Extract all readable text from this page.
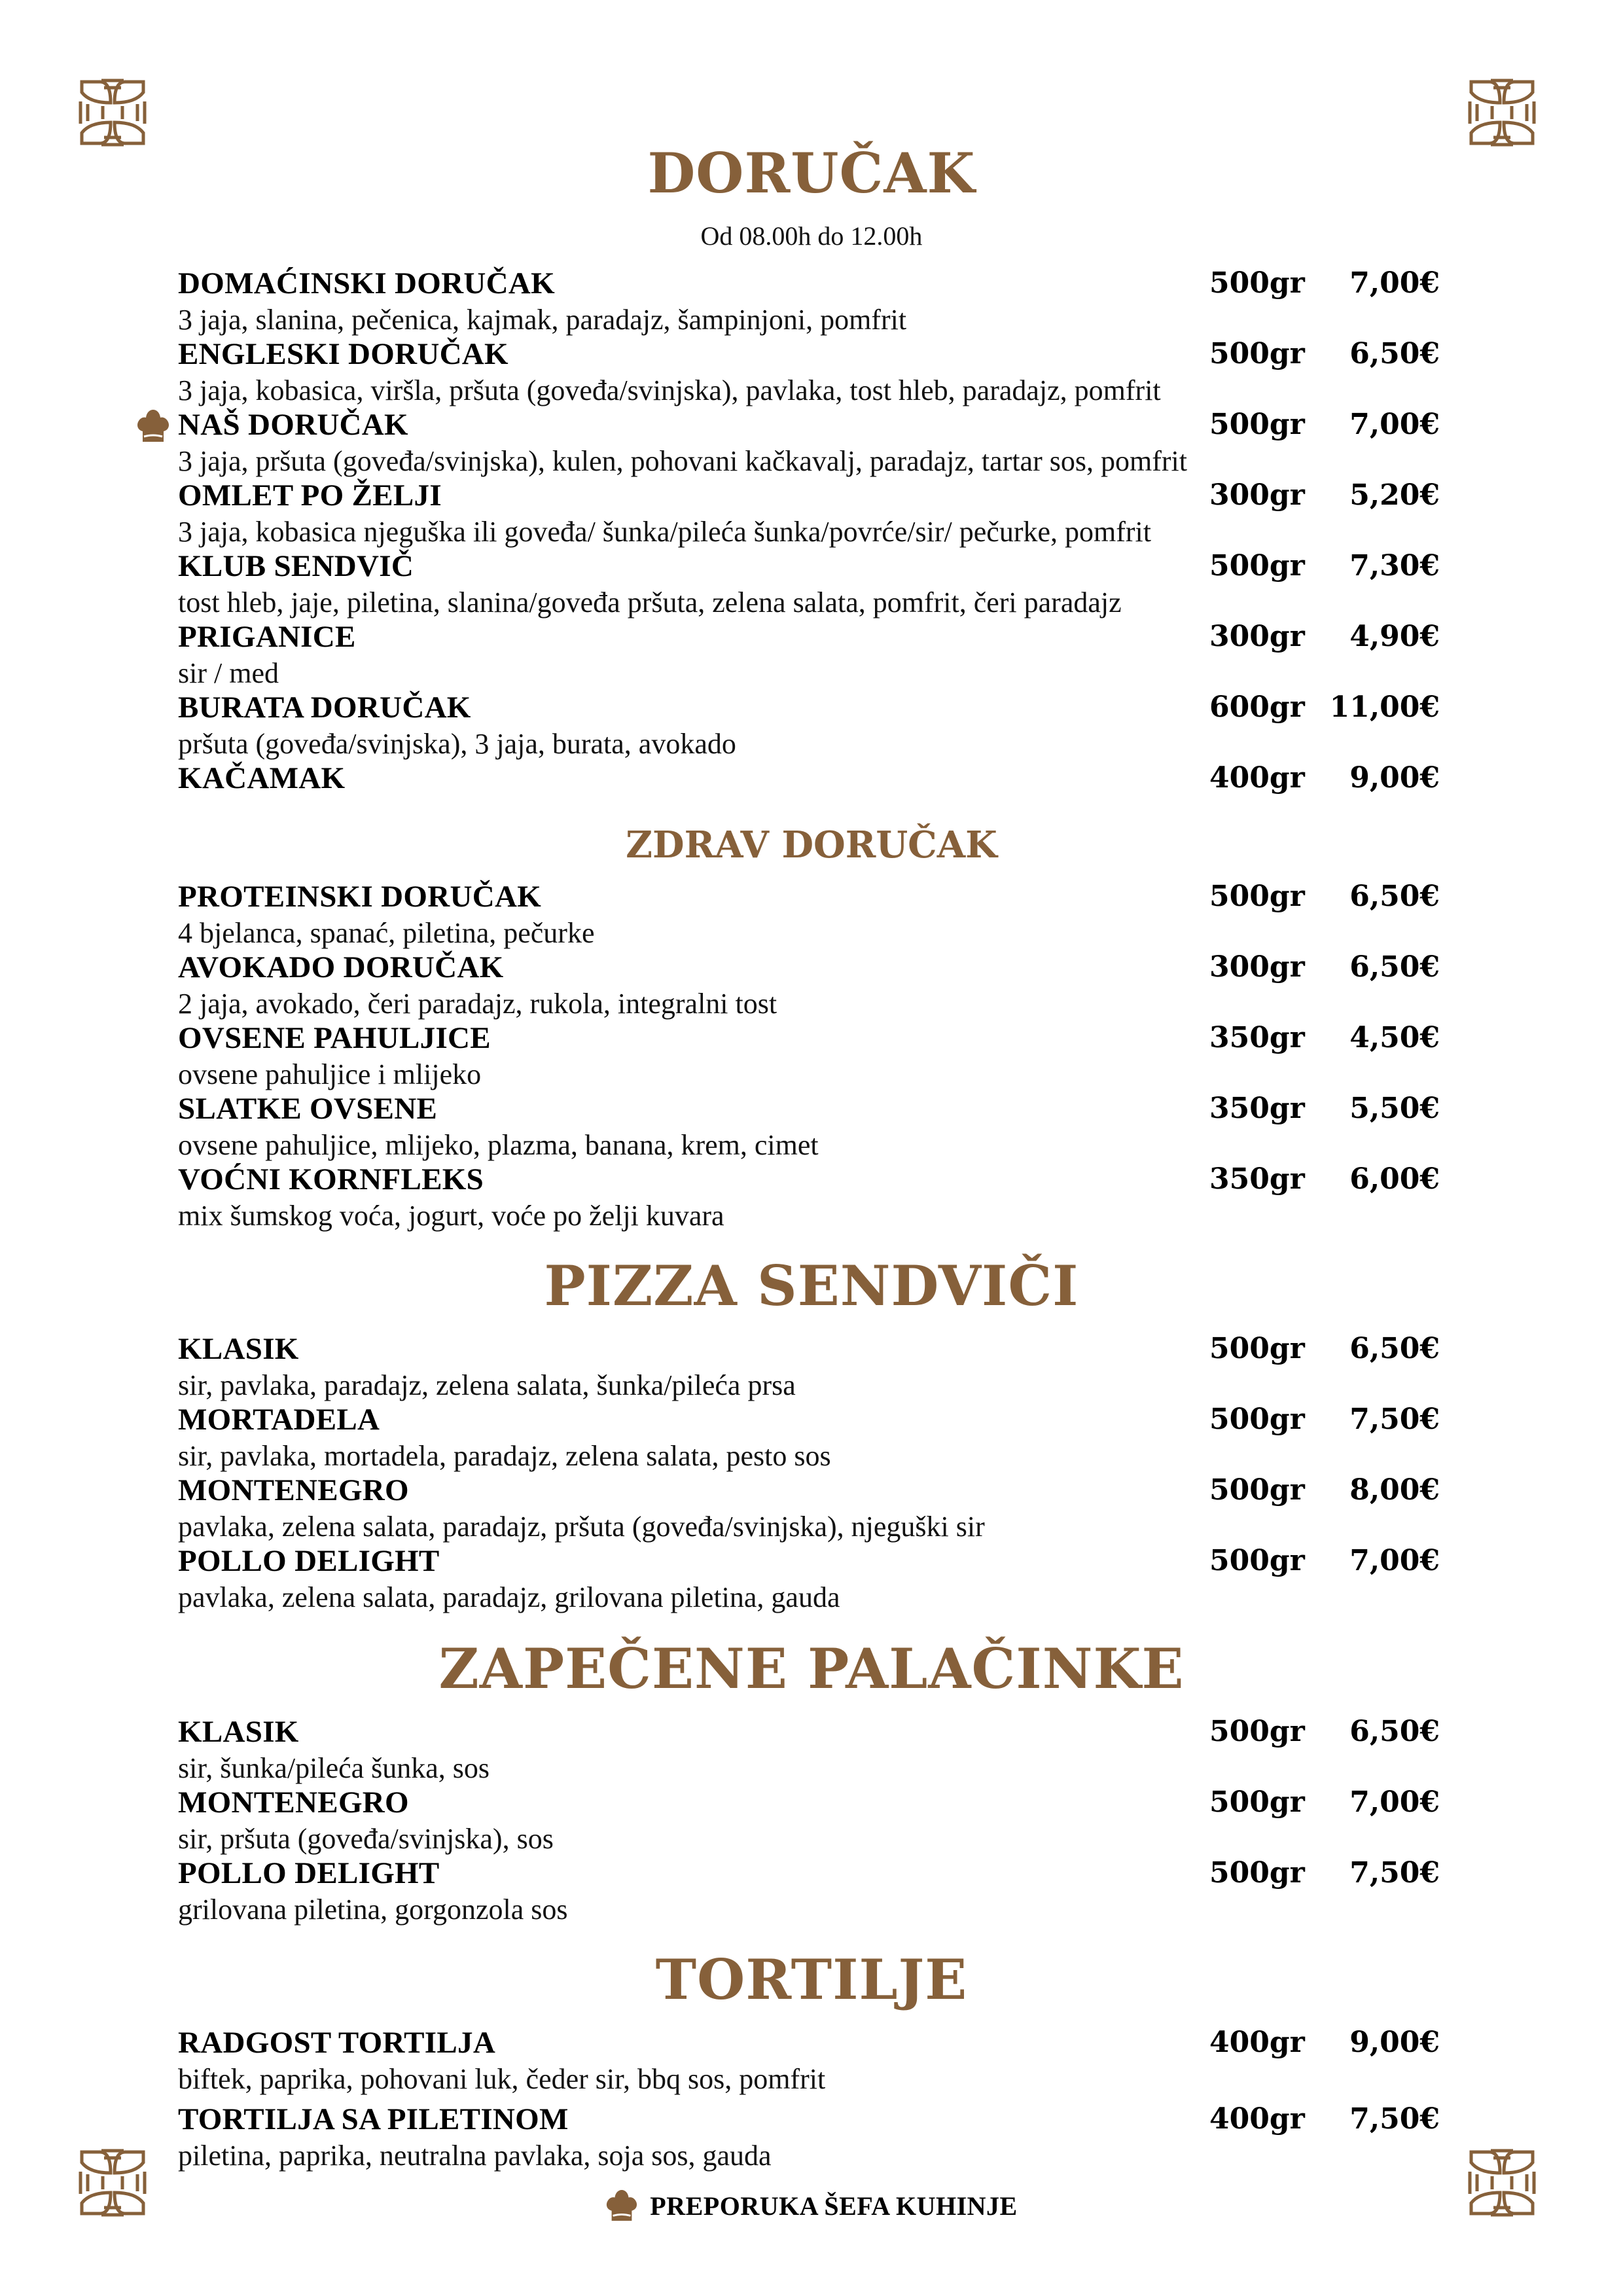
DORUČAK
Od 08.00h do 12.00h
DOMAĆINSKI DORUČAK
3 jaja, slanina, pečenica, kajmak, paradajz, šampinjoni, pomfrit
500gr 7,00€
ENGLESKI DORUČAK
3 jaja, kobasica, viršla, pršuta (goveđa/svinjska), pavlaka, tost hleb, paradajz, pomfrit
500gr 6,50€
NAŠ DORUČAK
3 jaja, pršuta (goveđa/svinjska), kulen, pohovani kačkavalj, paradajz, tartar sos, pomfrit
500gr 7,00€
OMLET PO ŽELJI
3 jaja, kobasica njeguška ili goveđa/ šunka/pileća šunka/povrće/sir/ pečurke, pomfrit
300gr 5,20€
KLUB SENDVIČ
tost hleb, jaje, piletina, slanina/goveđa pršuta, zelena salata, pomfrit, čeri paradajz
500gr 7,30€
PRIGANICE
sir / med
300gr 4,90€
BURATA DORUČAK
pršuta (goveđa/svinjska), 3 jaja, burata, avokado
600gr 11,00€
KAČAMAK	400gr 9,00€
ZDRAV DORUČAK
PROTEINSKI DORUČAK
4 bjelanca, spanać, piletina, pečurke
500gr 6,50€
AVOKADO DORUČAK
2 jaja, avokado, čeri paradajz, rukola, integralni tost
300gr 6,50€
OVSENE PAHULJICE
ovsene pahuljice i mlijeko
350gr 4,50€
SLATKE OVSENE
ovsene pahuljice, mlijeko, plazma, banana, krem, cimet
350gr 5,50€
VOĆNI KORNFLEKS
mix šumskog voća, jogurt, voće po želji kuvara
350gr 6,00€
PIZZA SENDVIČI
KLASIK
sir, pavlaka, paradajz, zelena salata, šunka/pileća prsa
500gr 6,50€
MORTADELA
sir, pavlaka, mortadela, paradajz, zelena salata, pesto sos
500gr 7,50€
MONTENEGRO
pavlaka, zelena salata, paradajz, pršuta (goveđa/svinjska), njeguški sir
500gr 8,00€
POLLO DELIGHT
pavlaka, zelena salata, paradajz, grilovana piletina, gauda
500gr 7,00€
ZAPEČENE PALAČINKE
KLASIK
sir, šunka/pileća šunka, sos
500gr 6,50€
MONTENEGRO
sir, pršuta (goveđa/svinjska), sos
500gr 7,00€
POLLO DELIGHT
grilovana piletina, gorgonzola sos
500gr 7,50€
TORTILJE
RADGOST TORTILJA
biftek, paprika, pohovani luk, čeder sir, bbq sos, pomfrit
400gr 9,00€
TORTILJA SA PILETINOM
piletina, paprika, neutralna pavlaka, soja sos, gauda
400gr 7,50€
PREPORUKA ŠEFA KUHINJE
